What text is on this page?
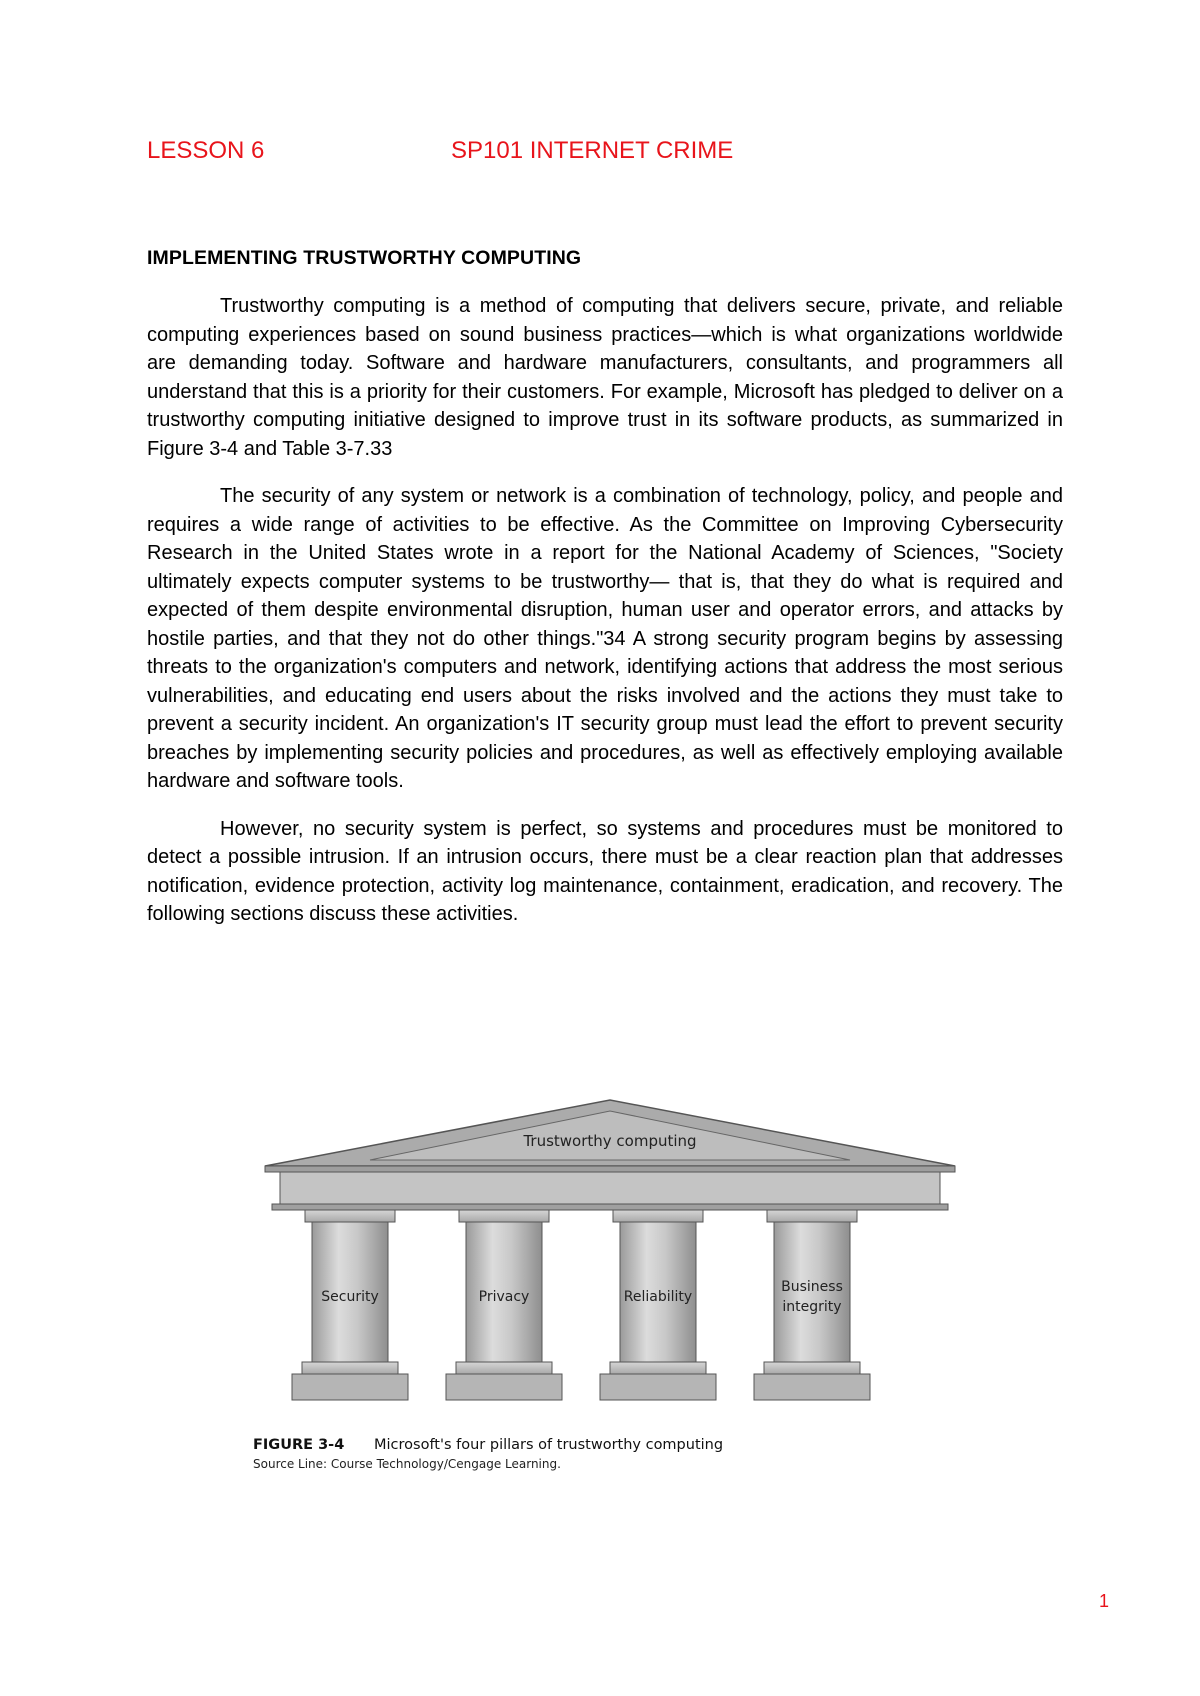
LESSON 6	SP101 INTERNET CRIME
IMPLEMENTING TRUSTWORTHY COMPUTING

Trustworthy computing is a method of computing that delivers secure, private, and reliable computing experiences based on sound business practices—which is what organizations worldwide are demanding today. Software and hardware manufacturers, consultants, and programmers all understand that this is a priority for their customers. For example, Microsoft has pledged to deliver on a trustworthy computing initiative designed to improve trust in its software products, as summarized in Figure 3-4 and Table 3-7.33

The security of any system or network is a combination of technology, policy, and people and requires a wide range of activities to be effective. As the Committee on Improving Cybersecurity Research in the United States wrote in a report for the National Academy of Sciences, "Society ultimately expects computer systems to be trustworthy— that is, that they do what is required and expected of them despite environmental disruption, human user and operator errors, and attacks by hostile parties, and that they not do other things."34 A strong security program begins by assessing threats to the organization's computers and network, identifying actions that address the most serious vulnerabilities, and educating end users about the risks involved and the actions they must take to prevent a security incident. An organization's IT security group must lead the effort to prevent security breaches by implementing security policies and procedures, as well as effectively employing available hardware and software tools.

However, no security system is perfect, so systems and procedures must be monitored to detect a possible intrusion. If an intrusion occurs, there must be a clear reaction plan that addresses notification, evidence protection, activity log maintenance, containment, eradication, and recovery. The following sections discuss these activities.

Trustworthy computing
Security	Privacy	Reliability
Business integrity
FIGURE 3-4 Microsoft's four pillars of trustworthy computing
Source Line: Course Technology/Cengage Learning.
1
